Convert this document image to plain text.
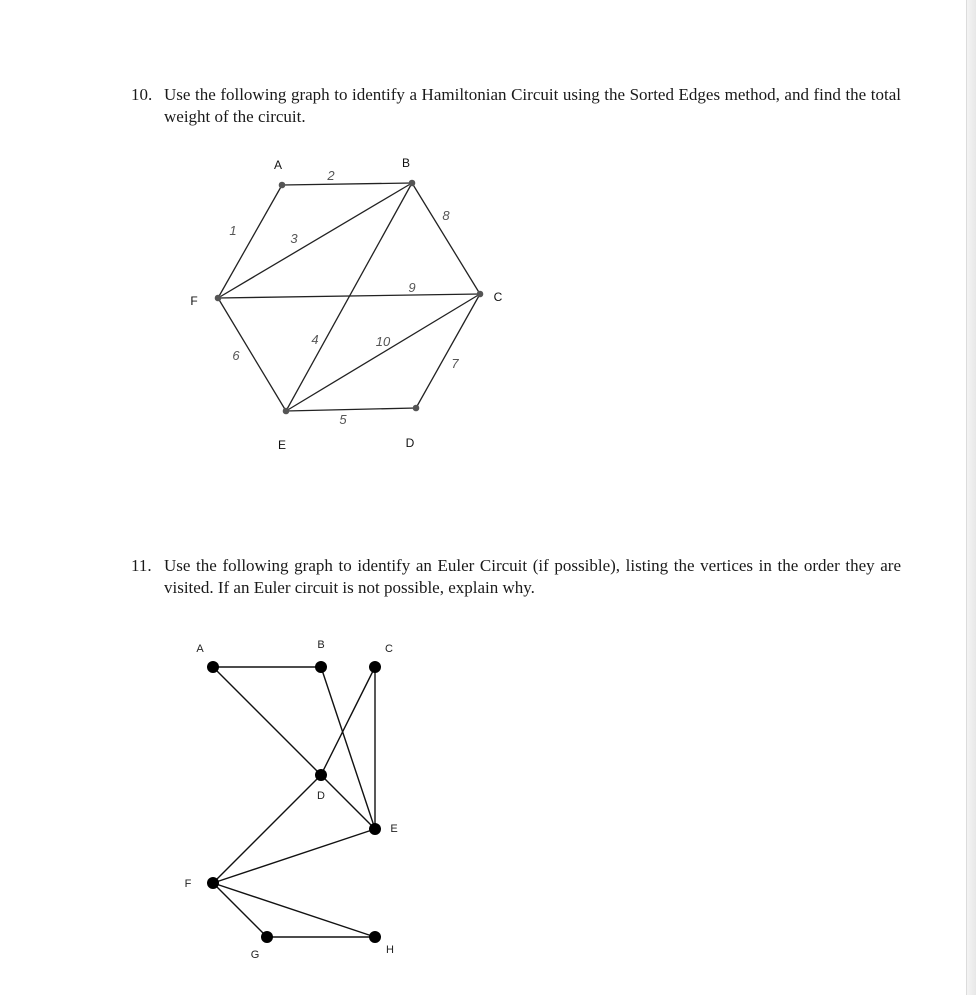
10. Use the following graph to identify a Hamiltonian Circuit using the Sorted Edges method, and find the total weight of the circuit.
11. Use the following graph to identify an Euler Circuit (if possible), listing the vertices in the order they are visited. If an Euler circuit is not possible, explain why.
2
1
3
4
8
9
6
10
5
7
A	B
C
D
E
F
A	B	C
D
E
F
G	H
